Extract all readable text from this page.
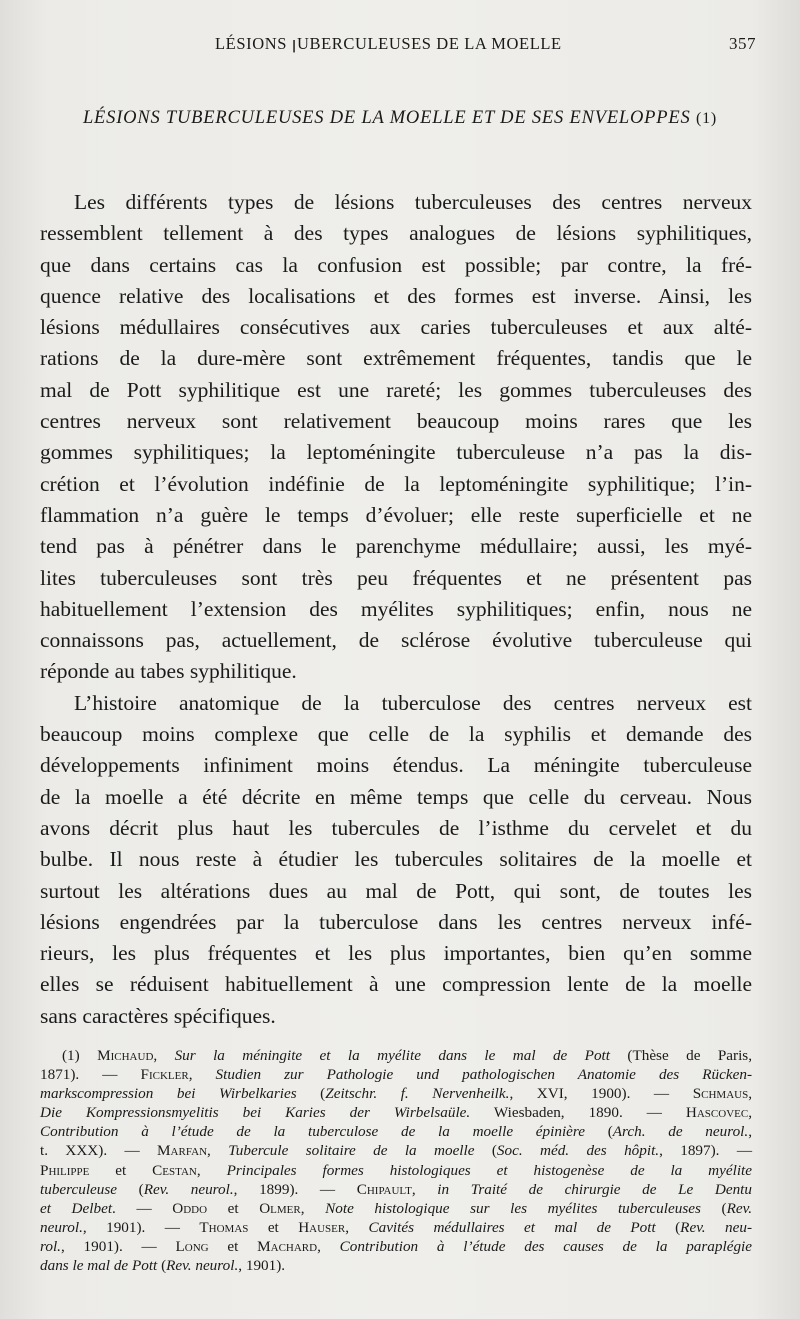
LÉSIONS ꞁUBERCULEUSES DE LA MOELLE	357
LÉSIONS TUBERCULEUSES DE LA MOELLE ET DE SES ENVELOPPES (1)
Les différents types de lésions tuberculeuses des centres nerveux
ressemblent tellement à des types analogues de lésions syphilitiques,
que dans certains cas la confusion est possible; par contre, la fré-
quence relative des localisations et des formes est inverse. Ainsi, les
lésions médullaires consécutives aux caries tuberculeuses et aux alté-
rations de la dure-mère sont extrêmement fréquentes, tandis que le
mal de Pott syphilitique est une rareté; les gommes tuberculeuses des
centres nerveux sont relativement beaucoup moins rares que les
gommes syphilitiques; la leptoméningite tuberculeuse n’a pas la dis-
crétion et l’évolution indéfinie de la leptoméningite syphilitique; l’in-
flammation n’a guère le temps d’évoluer; elle reste superficielle et ne
tend pas à pénétrer dans le parenchyme médullaire; aussi, les myé-
lites tuberculeuses sont très peu fréquentes et ne présentent pas
habituellement l’extension des myélites syphilitiques; enfin, nous ne
connaissons pas, actuellement, de sclérose évolutive tuberculeuse qui
réponde au tabes syphilitique.
L’histoire anatomique de la tuberculose des centres nerveux est
beaucoup moins complexe que celle de la syphilis et demande des
développements infiniment moins étendus. La méningite tuberculeuse
de la moelle a été décrite en même temps que celle du cerveau. Nous
avons décrit plus haut les tubercules de l’isthme du cervelet et du
bulbe. Il nous reste à étudier les tubercules solitaires de la moelle et
surtout les altérations dues au mal de Pott, qui sont, de toutes les
lésions engendrées par la tuberculose dans les centres nerveux infé-
rieurs, les plus fréquentes et les plus importantes, bien qu’en somme
elles se réduisent habituellement à une compression lente de la moelle
sans caractères spécifiques.
(1) Michaud, Sur la méningite et la myélite dans le mal de Pott (Thèse de Paris,
1871). — Fickler, Studien zur Pathologie und pathologischen Anatomie des Rücken-
markscompression bei Wirbelkaries (Zeitschr. f. Nervenheilk., XVI, 1900). — Schmaus,
Die Kompressionsmyelitis bei Karies der Wirbelsaüle. Wiesbaden, 1890. — Hascovec,
Contribution à l’étude de la tuberculose de la moelle épinière (Arch. de neurol.,
t. XXX). — Marfan, Tubercule solitaire de la moelle (Soc. méd. des hôpit., 1897). —
Philippe et Cestan, Principales formes histologiques et histogenèse de la myélite
tuberculeuse (Rev. neurol., 1899). — Chipault, in Traité de chirurgie de Le Dentu
et Delbet. — Oddo et Olmer, Note histologique sur les myélites tuberculeuses (Rev.
neurol., 1901). — Thomas et Hauser, Cavités médullaires et mal de Pott (Rev. neu-
rol., 1901). — Long et Machard, Contribution à l’étude des causes de la paraplégie
dans le mal de Pott (Rev. neurol., 1901).
